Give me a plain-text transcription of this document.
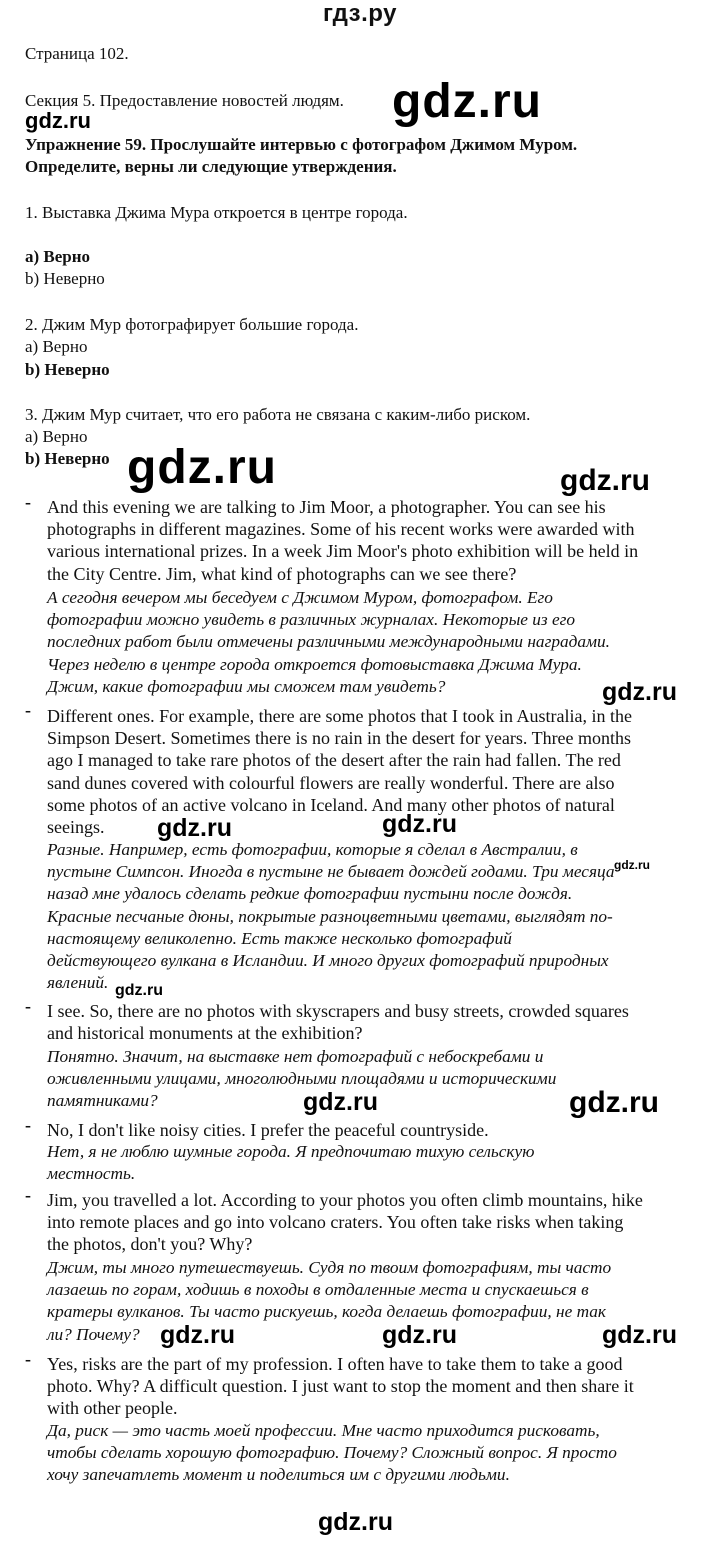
гдз.ру
Страница 102.
Секция 5. Предоставление новостей людям.
Упражнение 59. Прослушайте интервью с фотографом Джимом Муром.
Определите, верны ли следующие утверждения.
1. Выставка Джима Мура откроется в центре города.
a) Верно
b) Неверно
2. Джим Мур фотографирует большие города.
a) Верно
b) Неверно
3. Джим Мур считает, что его работа не связана с каким-либо риском.
a) Верно
b) Неверно
- And this evening we are talking to Jim Moor, a photographer. You can see his
photographs in different magazines. Some of his recent works were awarded with
various international prizes. In a week Jim Moor's photo exhibition will be held in
the City Centre. Jim, what kind of photographs can we see there?
А сегодня вечером мы беседуем с Джимом Муром, фотографом. Его
фотографии можно увидеть в различных журналах. Некоторые из его
последних работ были отмечены различными международными наградами.
Через неделю в центре города откроется фотовыставка Джима Мура.
Джим, какие фотографии мы сможем там увидеть?
- Different ones. For example, there are some photos that I took in Australia, in the
Simpson Desert. Sometimes there is no rain in the desert for years. Three months
ago I managed to take rare photos of the desert after the rain had fallen. The red
sand dunes covered with colourful flowers are really wonderful. There are also
some photos of an active volcano in Iceland. And many other photos of natural
seeings.
Разные. Например, есть фотографии, которые я сделал в Австралии, в
пустыне Симпсон. Иногда в пустыне не бывает дождей годами. Три месяца
назад мне удалось сделать редкие фотографии пустыни после дождя.
Красные песчаные дюны, покрытые разноцветными цветами, выглядят по-
настоящему великолепно. Есть также несколько фотографий
действующего вулкана в Исландии. И много других фотографий природных
явлений.
- I see. So, there are no photos with skyscrapers and busy streets, crowded squares
and historical monuments at the exhibition?
Понятно. Значит, на выставке нет фотографий с небоскребами и
оживленными улицами, многолюдными площадями и историческими
памятниками?
- No, I don't like noisy cities. I prefer the peaceful countryside.
Нет, я не люблю шумные города. Я предпочитаю тихую сельскую
местность.
- Jim, you travelled a lot. According to your photos you often climb mountains, hike
into remote places and go into volcano craters. You often take risks when taking
the photos, don't you? Why?
Джим, ты много путешествуешь. Судя по твоим фотографиям, ты часто
лазаешь по горам, ходишь в походы в отдаленные места и спускаешься в
кратеры вулканов. Ты часто рискуешь, когда делаешь фотографии, не так
ли? Почему?
- Yes, risks are the part of my profession. I often have to take them to take a good
photo. Why? A difficult question. I just want to stop the moment and then share it
with other people.
Да, риск — это часть моей профессии. Мне часто приходится рисковать,
чтобы сделать хорошую фотографию. Почему? Сложный вопрос. Я просто
хочу запечатлеть момент и поделиться им с другими людьми.
gdz.ru
gdz.ru
gdz.ru	gdz.ru
gdz.ru
gdz.ru	gdz.ru
gdz.ru
gdz.ru
gdz.ru	gdz.ru
gdz.ru	gdz.ru	gdz.ru
gdz.ru
